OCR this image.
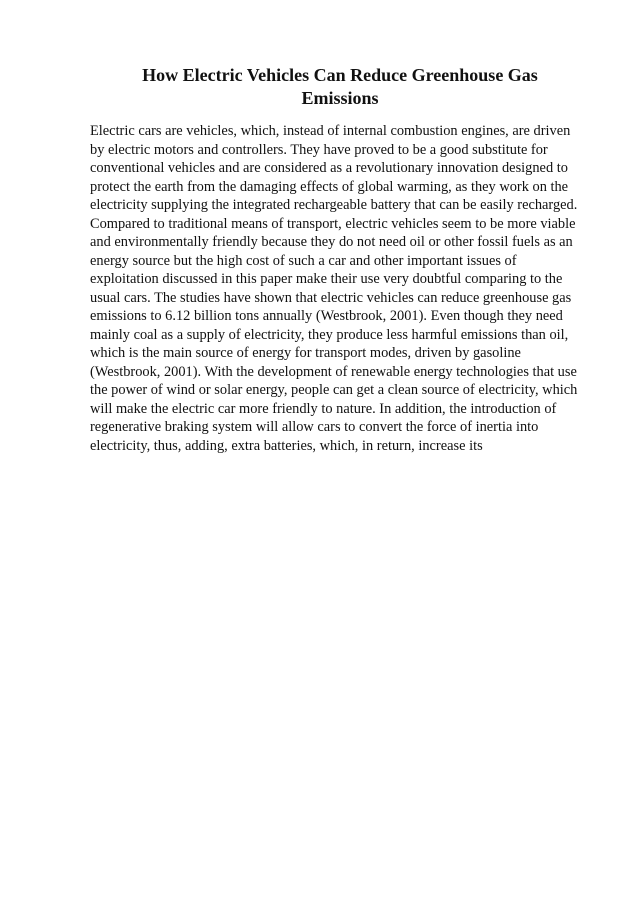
How Electric Vehicles Can Reduce Greenhouse Gas
Emissions
Electric cars are vehicles, which, instead of internal combustion engines, are driven
by electric motors and controllers. They have proved to be a good substitute for
conventional vehicles and are considered as a revolutionary innovation designed to
protect the earth from the damaging effects of global warming, as they work on the
electricity supplying the integrated rechargeable battery that can be easily recharged.
Compared to traditional means of transport, electric vehicles seem to be more viable
and environmentally friendly because they do not need oil or other fossil fuels as an
energy source but the high cost of such a car and other important issues of
exploitation discussed in this paper make their use very doubtful comparing to the
usual cars. The studies have shown that electric vehicles can reduce greenhouse gas
emissions to 6.12 billion tons annually (Westbrook, 2001). Even though they need
mainly coal as a supply of electricity, they produce less harmful emissions than oil,
which is the main source of energy for transport modes, driven by gasoline
(Westbrook, 2001). With the development of renewable energy technologies that use
the power of wind or solar energy, people can get a clean source of electricity, which
will make the electric car more friendly to nature. In addition, the introduction of
regenerative braking system will allow cars to convert the force of inertia into
electricity, thus, adding, extra batteries, which, in return, increase its
